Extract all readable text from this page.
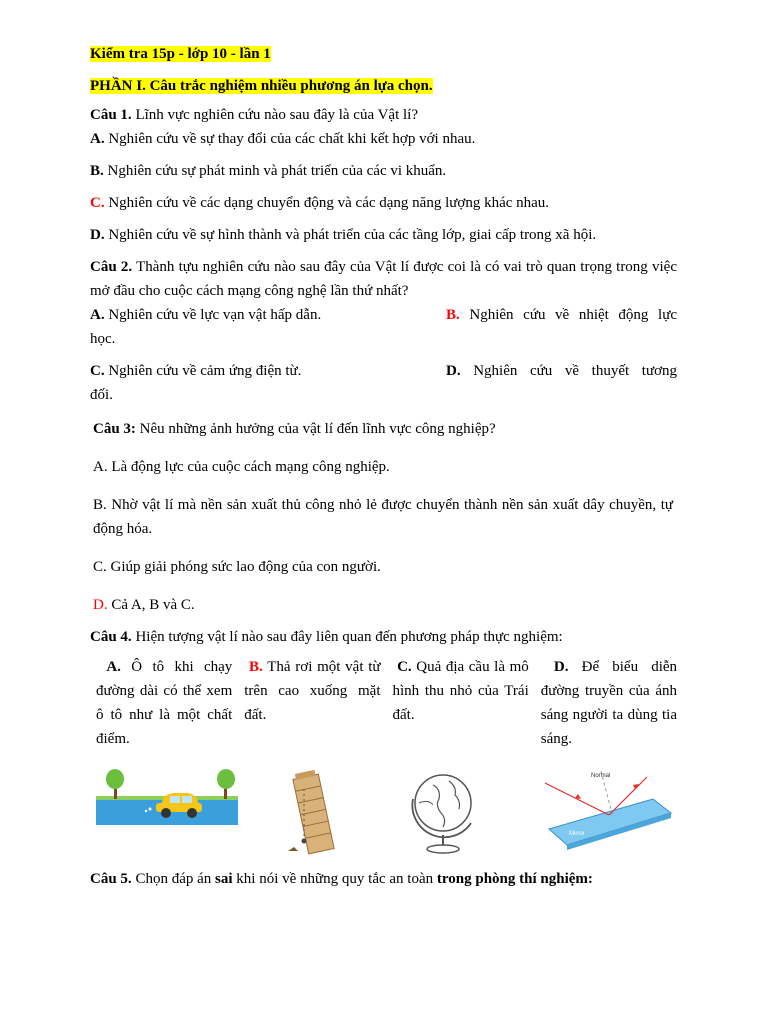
Kiểm tra 15p - lớp 10 - lần 1

PHẦN I. Câu trắc nghiệm nhiều phương án lựa chọn.

Câu 1. Lĩnh vực nghiên cứu nào sau đây là của Vật lí?

A. Nghiên cứu về sự thay đổi của các chất khi kết hợp với nhau.

B. Nghiên cứu sự phát minh và phát triển của các vi khuẩn.

C. Nghiên cứu về các dạng chuyển động và các dạng năng lượng khác nhau.

D. Nghiên cứu về sự hình thành và phát triển của các tầng lớp, giai cấp trong xã hội.

Câu 2. Thành tựu nghiên cứu nào sau đây của Vật lí được coi là có vai trò quan trọng trong việc mở đầu cho cuộc cách mạng công nghệ lần thứ nhất?

A. Nghiên cứu về lực vạn vật hấp dẫn.	B. Nghiên cứu về nhiệt động lực

học.

C. Nghiên cứu về cảm ứng điện từ.	D. Nghiên cứu về thuyết tương

đối.

Câu 3: Nêu những ảnh hưởng của vật lí đến lĩnh vực công nghiệp?

A. Là động lực của cuộc cách mạng công nghiệp.

B. Nhờ vật lí mà nền sản xuất thủ công nhỏ lẻ được chuyển thành nền sản xuất dây chuyền, tự động hóa.

C. Giúp giải phóng sức lao động của con người.

D. Cả A, B và C.

Câu 4. Hiện tượng vật lí nào sau đây liên quan đến phương pháp thực nghiệm:

A. Ô tô khi chạy đường dài có thể xem ô tô như là một chất điểm.
B. Thả rơi một vật từ trên cao xuống mặt đất.
C. Quả địa cầu là mô hình thu nhỏ của Trái đất.
D. Để biểu diễn đường truyền của ánh sáng người ta dùng tia sáng.
Normal
Mirror

Câu 5. Chọn đáp án sai khi nói về những quy tắc an toàn trong phòng thí nghiệm:
